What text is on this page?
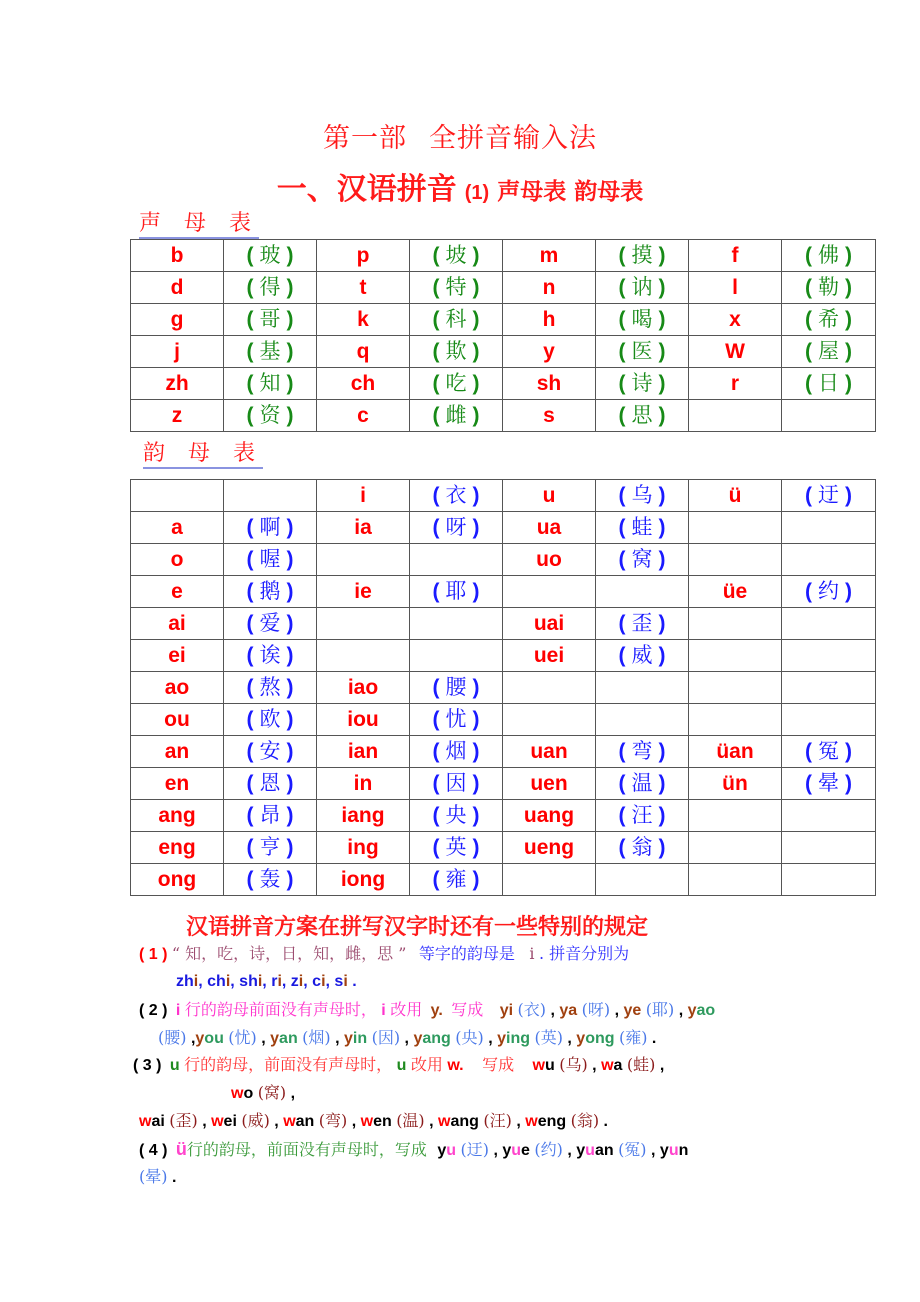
第一部 全拼音输入法
一、汉语拼音 (1) 声母表 韵母表
声 母 表
b	( 玻 )	p	( 坡 )	m	( 摸 )	f	( 佛 )
d	( 得 )	t	( 特 )	n	( 讷 )	l	( 勒 )
g	( 哥 )	k	( 科 )	h	( 喝 )	x	( 希 )
j	( 基 )	q	( 欺 )	y	( 医 )	W	( 屋 )
zh	( 知 )	ch	( 吃 )	sh	( 诗 )	r	( 日 )
z	( 资 )	c	( 雌 )	s	( 思 )		
韵 母 表
		i	( 衣 )	u	( 乌 )	ü	( 迂 )
a	( 啊 )	ia	( 呀 )	ua	( 蛙 )		
o	( 喔 )			uo	( 窝 )		
e	( 鹅 )	ie	( 耶 )			üe	( 约 )
ai	( 爱 )			uai	( 歪 )		
ei	( 诶 )			uei	( 威 )		
ao	( 熬 )	iao	( 腰 )				
ou	( 欧 )	iou	( 忧 )				
an	( 安 )	ian	( 烟 )	uan	( 弯 )	üan	( 冤 )
en	( 恩 )	in	( 因 )	uen	( 温 )	ün	( 晕 )
ang	( 昂 )	iang	( 央 )	uang	( 汪 )		
eng	( 亨 )	ing	( 英 )	ueng	( 翁 )		
ong	( 轰 )	iong	( 雍 )				
汉语拼音方案在拼写汉字时还有一些特别的规定
( 1 ) “ 知，吃，诗，日，知，雌，思 ” 等字的韵母是 i . 拼音分别为
zhi, chi, shi, ri, zi, ci, si .
( 2 ) i 行的韵母前面没有声母时， i 改用 y. 写成 yi (衣) , ya (呀) , ye (耶) , yao
(腰) ,you (忧) , yan (烟) , yin (因) , yang (央) , ying (英) , yong (雍) .
( 3 ) u 行的韵母，前面没有声母时， u 改用 w. 写成 wu (乌) , wa (蛙) ,
wo (窝) ,
wai (歪) , wei (威) , wan (弯) , wen (温) , wang (汪) , weng (翁) .
( 4 ) ü行的韵母，前面没有声母时，写成 yu (迂) , yue (约) , yuan (冤) , yun
(晕) .
